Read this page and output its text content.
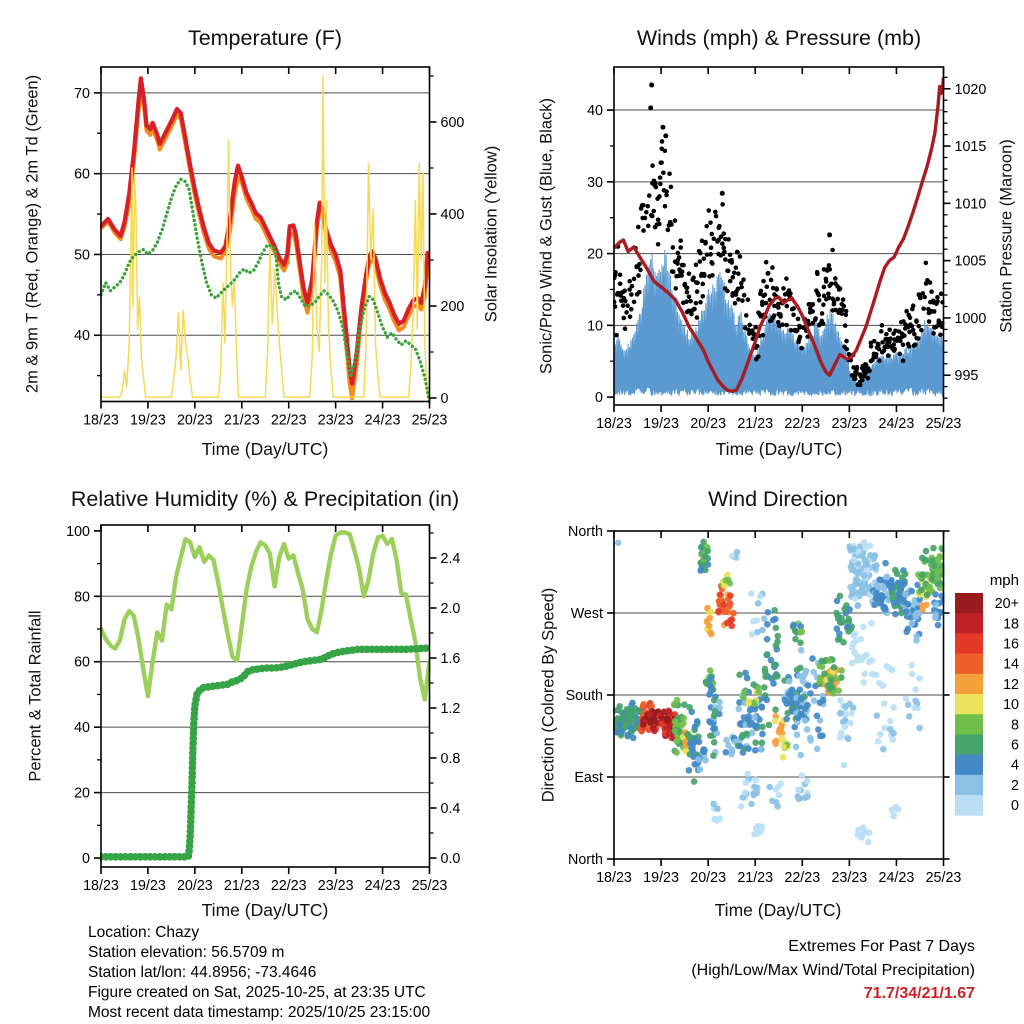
18/23 19/23 20/23 21/23 22/23 23/23 24/23 25/23
40
50
60
70
0
200
400
600
18/23 19/23 20/23 21/23 22/23 23/23 24/23 25/23
0
10
20
30
40
995
1000
1005
1010
1015
1020
18/23 19/23 20/23 21/23 22/23 23/23 24/23 25/23
0
20
40
60
80
100
0.0
0.4
0.8
1.2
1.6
2.0
2.4
18/23 19/23 20/23 21/23 22/23 23/23 24/23 25/23
North
West
South
East
North
mph
20+
18
16
14
12
10
8
6
4
2
0
Temperature (F)	Winds (mph) & Pressure (mb)
Relative Humidity (%) & Precipitation (in)	Wind Direction
2m & 9m T (Red, Orange) & 2m Td (Green)	Solar Insolation (Yellow) Sonic/Prop Wind & Gust (Blue, Black)	Station Pressure (Maroon)
Percent & Total Rainfall	Direction (Colored By Speed)
Time (Day/UTC)	Time (Day/UTC)
Time (Day/UTC)	Time (Day/UTC)
Location: Chazy
Station elevation: 56.5709 m
Station lat/lon: 44.8956; -73.4646
Figure created on Sat, 2025-10-25, at 23:35 UTC
Most recent data timestamp: 2025/10/25 23:15:00
Extremes For Past 7 Days
(High/Low/Max Wind/Total Precipitation)
71.7/34/21/1.67
